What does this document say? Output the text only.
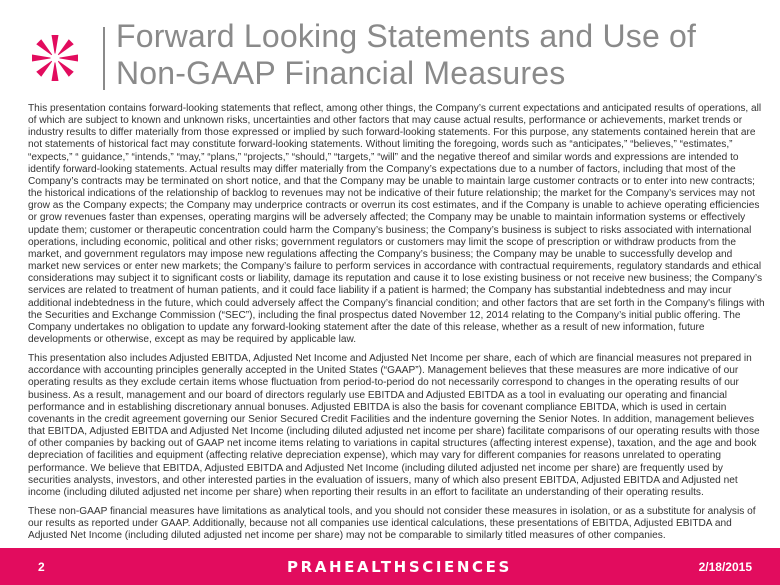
Forward Looking Statements and Use of Non-GAAP Financial Measures

This presentation contains forward-looking statements that reflect, among other things, the Company’s current expectations and anticipated results of operations, all of which are subject to known and unknown risks, uncertainties and other factors that may cause actual results, performance or achievements, market trends or industry results to differ materially from those expressed or implied by such forward-looking statements. For this purpose, any statements contained herein that are not statements of historical fact may constitute forward-looking statements. Without limiting the foregoing, words such as “anticipates,” “believes,” “estimates,” “expects,” “ guidance,” “intends,” “may,” “plans,” “projects,” “should,” “targets,” “will” and the negative thereof and similar words and expressions are intended to identify forward-looking statements. Actual results may differ materially from the Company’s expectations due to a number of factors, including that most of the Company’s contracts may be terminated on short notice, and that the Company may be unable to maintain large customer contracts or to enter into new contracts; the historical indications of the relationship of backlog to revenues may not be indicative of their future relationship; the market for the Company’s services may not grow as the Company expects; the Company may underprice contracts or overrun its cost estimates, and if the Company is unable to achieve operating efficiencies or grow revenues faster than expenses, operating margins will be adversely affected; the Company may be unable to maintain information systems or effectively update them; customer or therapeutic concentration could harm the Company’s business; the Company’s business is subject to risks associated with international operations, including economic, political and other risks; government regulators or customers may limit the scope of prescription or withdraw products from the market, and government regulators may impose new regulations affecting the Company’s business; the Company may be unable to successfully develop and market new services or enter new markets; the Company’s failure to perform services in accordance with contractual requirements, regulatory standards and ethical considerations may subject it to significant costs or liability, damage its reputation and cause it to lose existing business or not receive new business; the Company’s services are related to treatment of human patients, and it could face liability if a patient is harmed; the Company has substantial indebtedness and may incur additional indebtedness in the future, which could adversely affect the Company’s financial condition; and other factors that are set forth in the Company's filings with the Securities and Exchange Commission (“SEC”), including the final prospectus dated November 12, 2014 relating to the Company’s initial public offering. The Company undertakes no obligation to update any forward-looking statement after the date of this release, whether as a result of new information, future developments or otherwise, except as may be required by applicable law.

This presentation also includes Adjusted EBITDA, Adjusted Net Income and Adjusted Net Income per share, each of which are financial measures not prepared in accordance with accounting principles generally accepted in the United States (“GAAP”). Management believes that these measures are more indicative of our operating results as they exclude certain items whose fluctuation from period-to-period do not necessarily correspond to changes in the operating results of our business. As a result, management and our board of directors regularly use EBITDA and Adjusted EBITDA as a tool in evaluating our operating and financial performance and in establishing discretionary annual bonuses. Adjusted EBITDA is also the basis for covenant compliance EBITDA, which is used in certain covenants in the credit agreement governing our Senior Secured Credit Facilities and the indenture governing the Senior Notes. In addition, management believes that EBITDA, Adjusted EBITDA and Adjusted Net Income (including diluted adjusted net income per share) facilitate comparisons of our operating results with those of other companies by backing out of GAAP net income items relating to variations in capital structures (affecting interest expense), taxation, and the age and book depreciation of facilities and equipment (affecting relative depreciation expense), which may vary for different companies for reasons unrelated to operating performance. We believe that EBITDA, Adjusted EBITDA and Adjusted Net Income (including diluted adjusted net income per share) are frequently used by securities analysts, investors, and other interested parties in the evaluation of issuers, many of which also present EBITDA, Adjusted EBITDA and Adjusted net income (including diluted adjusted net income per share) when reporting their results in an effort to facilitate an understanding of their operating results.

These non-GAAP financial measures have limitations as analytical tools, and you should not consider these measures in isolation, or as a substitute for analysis of our results as reported under GAAP. Additionally, because not all companies use identical calculations, these presentations of EBITDA, Adjusted EBITDA and Adjusted Net Income (including diluted adjusted net income per share) may not be comparable to similarly titled measures of other companies.

2	PRAHEALTHSCIENCES	2/18/2015
